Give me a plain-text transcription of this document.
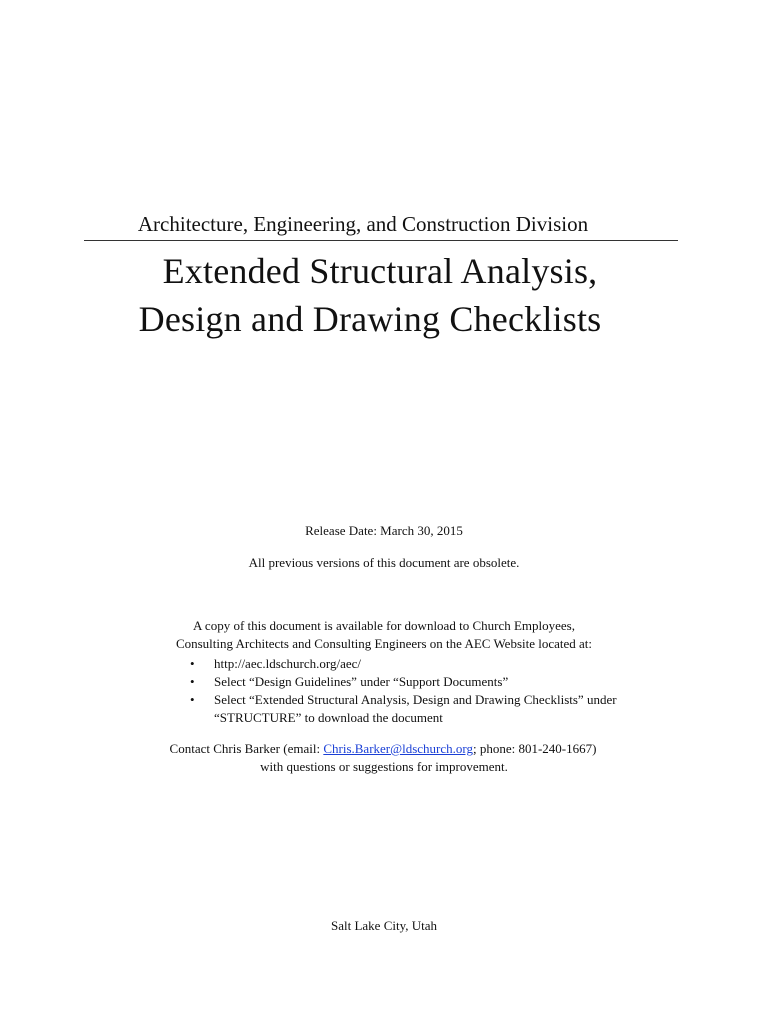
Architecture, Engineering, and Construction Division
Extended Structural Analysis,
Design and Drawing Checklists
Release Date: March 30, 2015
All previous versions of this document are obsolete.
A copy of this document is available for download to Church Employees,
Consulting Architects and Consulting Engineers on the AEC Website located at:
• http://aec.ldschurch.org/aec/
• Select “Design Guidelines” under “Support Documents”
• Select “Extended Structural Analysis, Design and Drawing Checklists” under “STRUCTURE” to download the document
Contact Chris Barker (email: Chris.Barker@ldschurch.org; phone: 801-240-1667)
with questions or suggestions for improvement.
Salt Lake City, Utah
